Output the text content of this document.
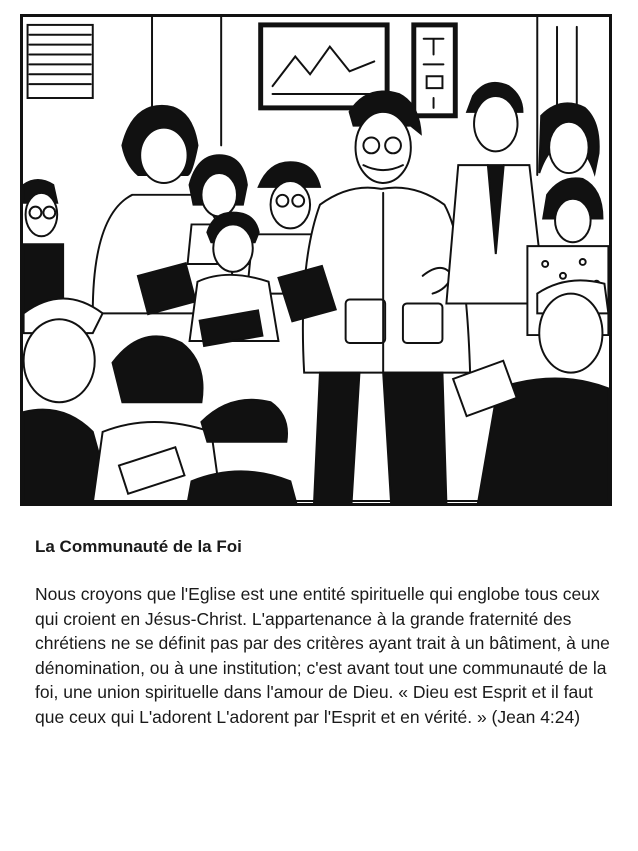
La Communauté de la Foi

Nous croyons que l'Eglise est une entité spirituelle qui englobe tous ceux qui croient en Jésus-Christ. L'appartenance à la grande fraternité des chrétiens ne se définit pas par des critères ayant trait à un bâtiment, à une dénomination, ou à une institution; c'est avant tout une communauté de la foi, une union spirituelle dans l'amour de Dieu. « Dieu est Esprit et il faut que ceux qui L'adorent L'adorent par l'Esprit et en vérité. » (Jean 4:24)
